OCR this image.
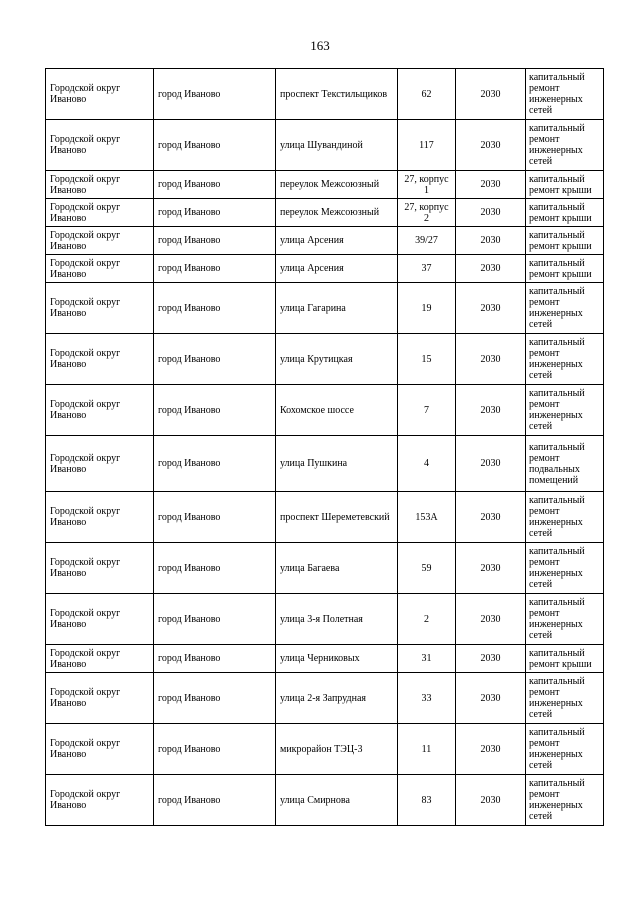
163
Городской округ Иваново	город Иваново	проспект Текстильщиков	62	2030	капитальный ремонт инженерных сетей
Городской округ Иваново	город Иваново	улица Шувандиной	117	2030	капитальный ремонт инженерных сетей
Городской округ Иваново	город Иваново	переулок Межсоюзный	27, корпус 1	2030	капитальный ремонт крыши
Городской округ Иваново	город Иваново	переулок Межсоюзный	27, корпус 2	2030	капитальный ремонт крыши
Городской округ Иваново	город Иваново	улица Арсения	39/27	2030	капитальный ремонт крыши
Городской округ Иваново	город Иваново	улица Арсения	37	2030	капитальный ремонт крыши
Городской округ Иваново	город Иваново	улица Гагарина	19	2030	капитальный ремонт инженерных сетей
Городской округ Иваново	город Иваново	улица Крутицкая	15	2030	капитальный ремонт инженерных сетей
Городской округ Иваново	город Иваново	Кохомское шоссе	7	2030	капитальный ремонт инженерных сетей
Городской округ Иваново	город Иваново	улица Пушкина	4	2030	капитальный ремонт подвальных помещений
Городской округ Иваново	город Иваново	проспект Шереметевский	153А	2030	капитальный ремонт инженерных сетей
Городской округ Иваново	город Иваново	улица Багаева	59	2030	капитальный ремонт инженерных сетей
Городской округ Иваново	город Иваново	улица 3-я Полетная	2	2030	капитальный ремонт инженерных сетей
Городской округ Иваново	город Иваново	улица Черниковых	31	2030	капитальный ремонт крыши
Городской округ Иваново	город Иваново	улица 2-я Запрудная	33	2030	капитальный ремонт инженерных сетей
Городской округ Иваново	город Иваново	микрорайон ТЭЦ-3	11	2030	капитальный ремонт инженерных сетей
Городской округ Иваново	город Иваново	улица Смирнова	83	2030	капитальный ремонт инженерных сетей
